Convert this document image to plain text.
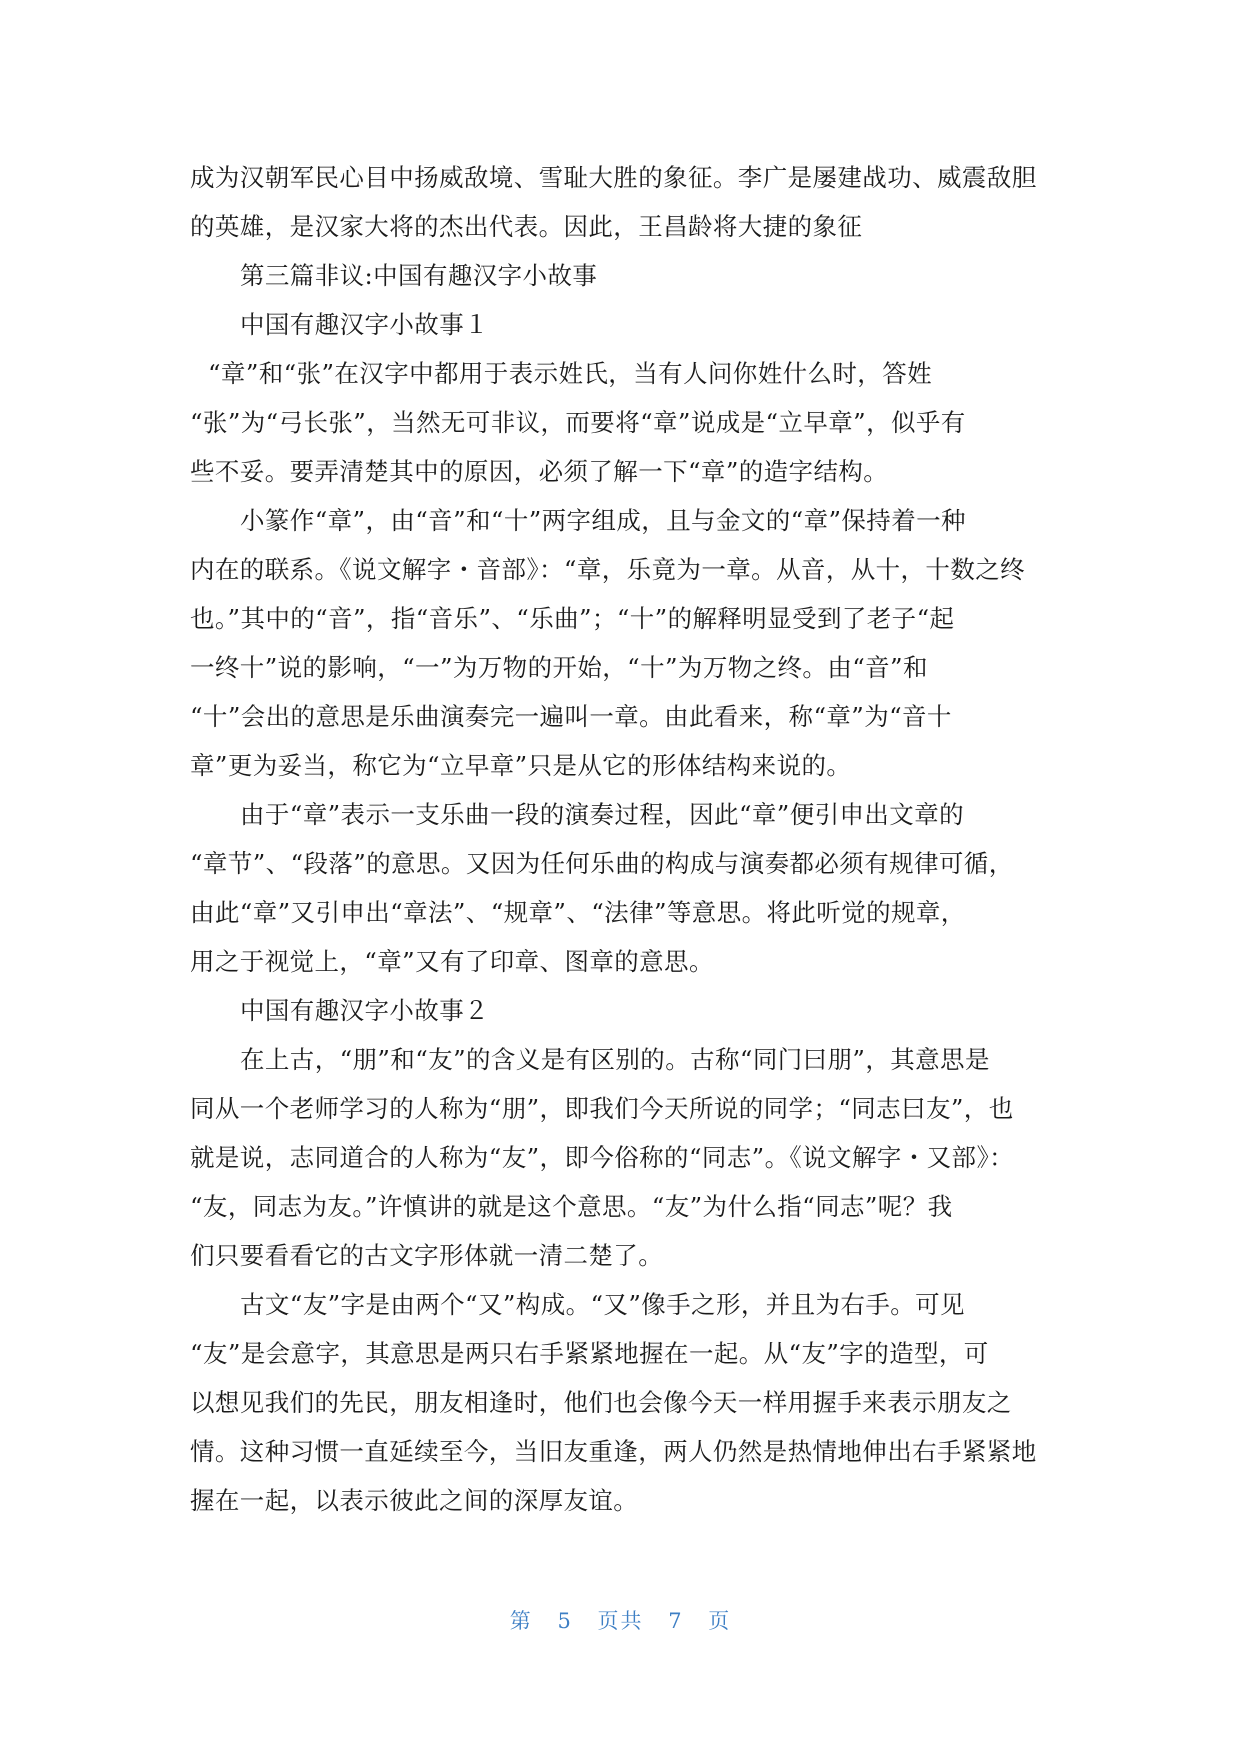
成为汉朝军民心目中扬威敌境、雪耻大胜的象征。李广是屡建战功、威震敌胆

的英雄，是汉家大将的杰出代表。因此，王昌龄将大捷的象征

第三篇非议:中国有趣汉字小故事

中国有趣汉字小故事１

“章”和“张”在汉字中都用于表示姓氏，当有人问你姓什么时，答姓

“张”为“弓长张”，当然无可非议，而要将“章”说成是“立早章”，似乎有

些不妥。要弄清楚其中的原因，必须了解一下“章”的造字结构。

小篆作“章”，由“音”和“十”两字组成，且与金文的“章”保持着一种

内在的联系。《说文解字・音部》：“章，乐竟为一章。从音，从十，十数之终

也。”其中的“音”，指“音乐”、“乐曲”；“十”的解释明显受到了老子“起

一终十”说的影响，“一”为万物的开始，“十”为万物之终。由“音”和

“十”会出的意思是乐曲演奏完一遍叫一章。由此看来，称“章”为“音十

章”更为妥当，称它为“立早章”只是从它的形体结构来说的。

由于“章”表示一支乐曲一段的演奏过程，因此“章”便引申出文章的

“章节”、“段落”的意思。又因为任何乐曲的构成与演奏都必须有规律可循，

由此“章”又引申出“章法”、“规章”、“法律”等意思。将此听觉的规章，

用之于视觉上，“章”又有了印章、图章的意思。

中国有趣汉字小故事２

在上古，“朋”和“友”的含义是有区别的。古称“同门曰朋”，其意思是

同从一个老师学习的人称为“朋”，即我们今天所说的同学；“同志曰友”，也

就是说，志同道合的人称为“友”，即今俗称的“同志”。《说文解字・又部》：

“友，同志为友。”许慎讲的就是这个意思。“友”为什么指“同志”呢？我

们只要看看它的古文字形体就一清二楚了。

古文“友”字是由两个“又”构成。“又”像手之形，并且为右手。可见

“友”是会意字，其意思是两只右手紧紧地握在一起。从“友”字的造型，可

以想见我们的先民，朋友相逢时，他们也会像今天一样用握手来表示朋友之

情。这种习惯一直延续至今，当旧友重逢，两人仍然是热情地伸出右手紧紧地

握在一起，以表示彼此之间的深厚友谊。

第 5 页共 7 页
